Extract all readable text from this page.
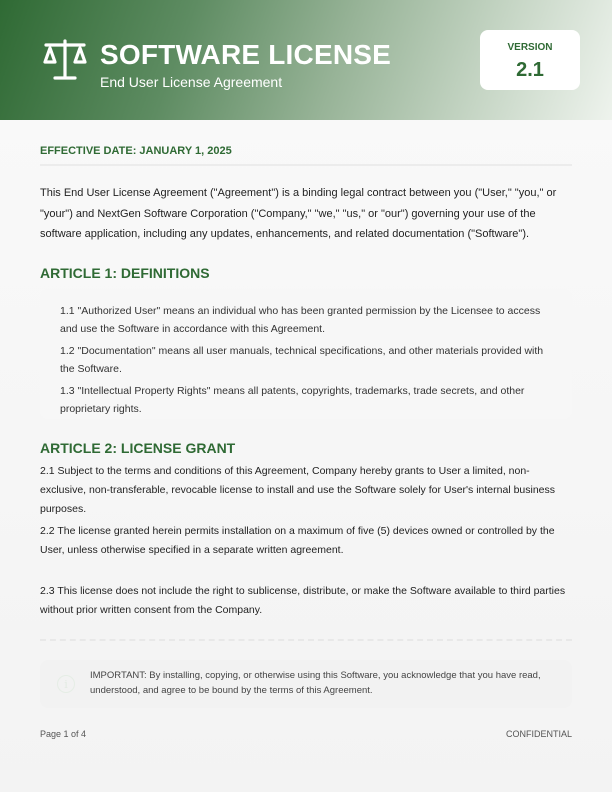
SOFTWARE LICENSE
End User License Agreement
VERSION
2.1
EFFECTIVE DATE: JANUARY 1, 2025
This End User License Agreement ("Agreement") is a binding legal contract between you ("User," "you," or "your") and NextGen Software Corporation ("Company," "we," "us," or "our") governing your use of the software application, including any updates, enhancements, and related documentation ("Software").
ARTICLE 1: DEFINITIONS
1.1 "Authorized User" means an individual who has been granted permission by the Licensee to access and use the Software in accordance with this Agreement.
1.2 "Documentation" means all user manuals, technical specifications, and other materials provided with the Software.
1.3 "Intellectual Property Rights" means all patents, copyrights, trademarks, trade secrets, and other proprietary rights.
ARTICLE 2: LICENSE GRANT
2.1 Subject to the terms and conditions of this Agreement, Company hereby grants to User a limited, non-exclusive, non-transferable, revocable license to install and use the Software solely for User's internal business purposes.
2.2 The license granted herein permits installation on a maximum of five (5) devices owned or controlled by the User, unless otherwise specified in a separate written agreement.
2.3 This license does not include the right to sublicense, distribute, or make the Software available to third parties without prior written consent from the Company.
i
IMPORTANT: By installing, copying, or otherwise using this Software, you acknowledge that you have read, understood, and agree to be bound by the terms of this Agreement.
Page 1 of 4	CONFIDENTIAL
